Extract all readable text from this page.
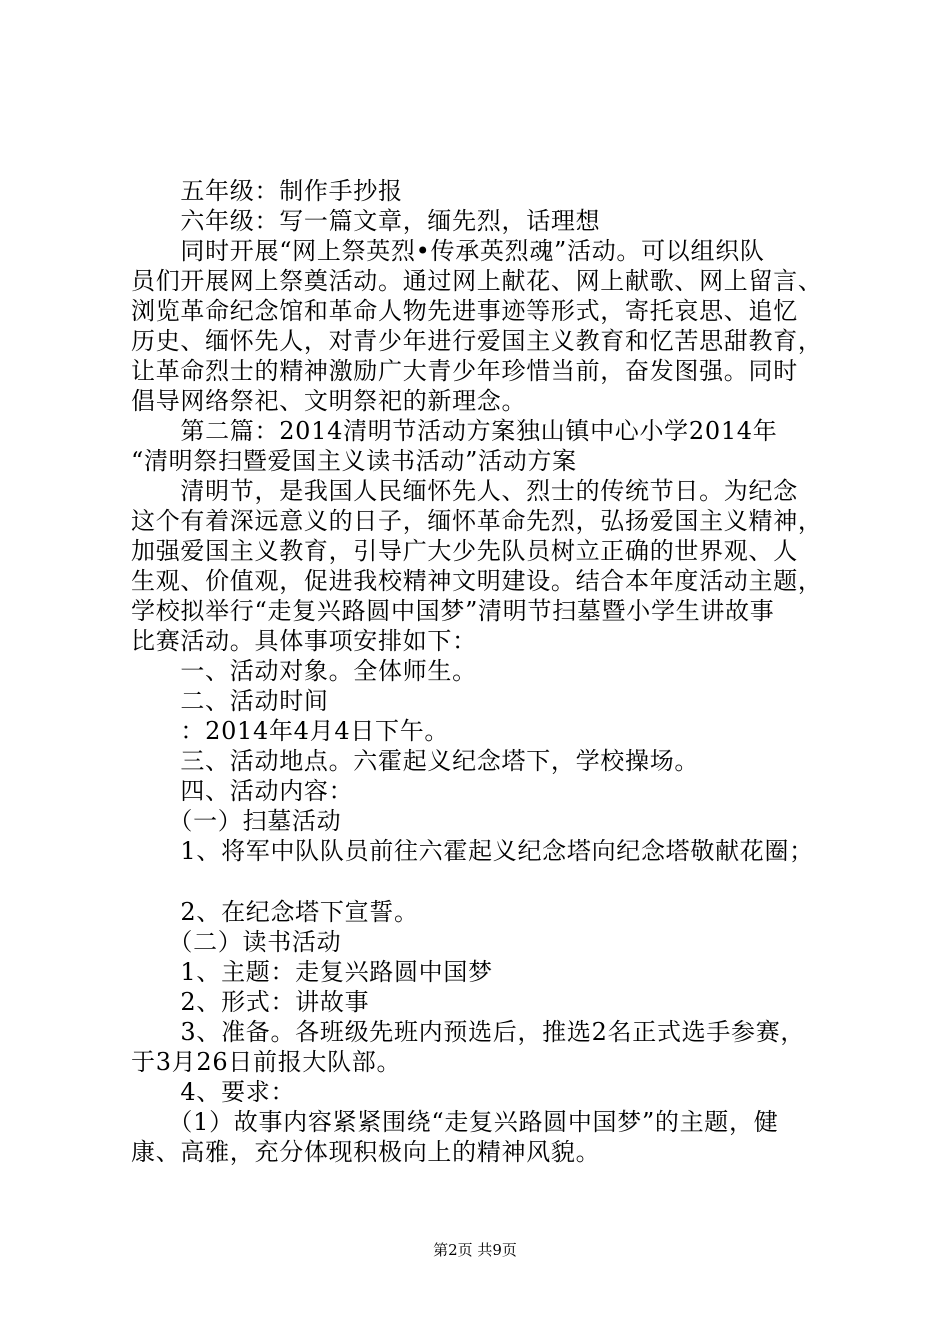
　　五年级：制作手抄报
　　六年级：写一篇文章，缅先烈，话理想
　　同时开展“网上祭英烈•传承英烈魂”活动。可以组织队
员们开展网上祭奠活动。通过网上献花、网上献歌、网上留言、
浏览革命纪念馆和革命人物先进事迹等形式，寄托哀思、追忆
历史、缅怀先人，对青少年进行爱国主义教育和忆苦思甜教育，
让革命烈士的精神激励广大青少年珍惜当前，奋发图强。同时
倡导网络祭祀、文明祭祀的新理念。
　　第二篇：2014清明节活动方案独山镇中心小学2014年
“清明祭扫暨爱国主义读书活动”活动方案
　　清明节，是我国人民缅怀先人、烈士的传统节日。为纪念
这个有着深远意义的日子，缅怀革命先烈，弘扬爱国主义精神，
加强爱国主义教育，引导广大少先队员树立正确的世界观、人
生观、价值观，促进我校精神文明建设。结合本年度活动主题，
学校拟举行“走复兴路圆中国梦”清明节扫墓暨小学生讲故事
比赛活动。具体事项安排如下：
　　一、活动对象。全体师生。
　　二、活动时间
　　：2014年4月4日下午。
　　三、活动地点。六霍起义纪念塔下，学校操场。
　　四、活动内容：
　　（一）扫墓活动
　　1、将军中队队员前往六霍起义纪念塔向纪念塔敬献花圈；
　　2、在纪念塔下宣誓。
　　（二）读书活动
　　1、主题：走复兴路圆中国梦
　　2、形式：讲故事
　　3、准备。各班级先班内预选后，推选2名正式选手参赛，
于3月26日前报大队部。
　　4、要求：
　　（1）故事内容紧紧围绕“走复兴路圆中国梦”的主题，健
康、高雅，充分体现积极向上的精神风貌。
第2页 共9页
